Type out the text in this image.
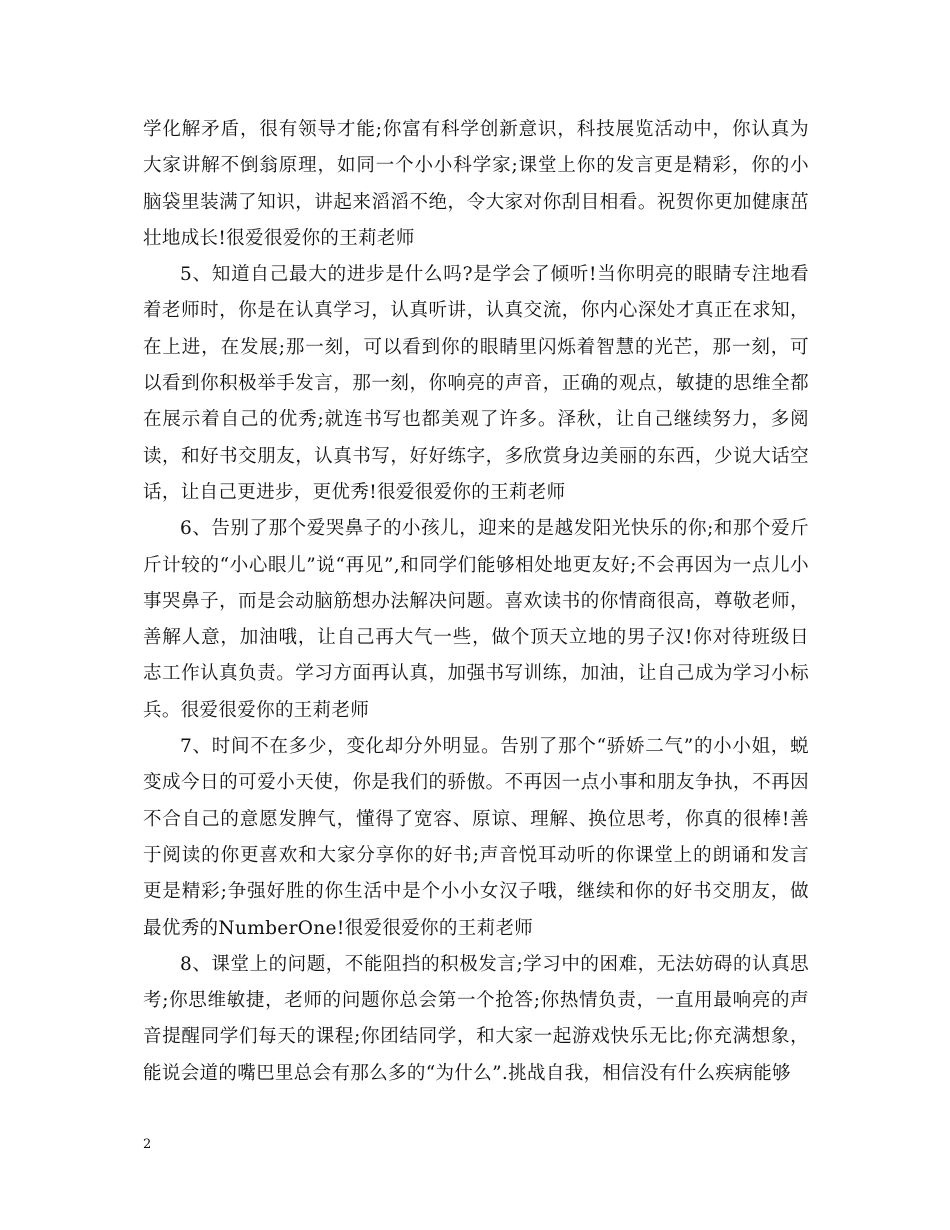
学化解矛盾，很有领导才能;你富有科学创新意识，科技展览活动中，你认真为大家讲解不倒翁原理，如同一个小小科学家;课堂上你的发言更是精彩，你的小脑袋里装满了知识，讲起来滔滔不绝，令大家对你刮目相看。祝贺你更加健康茁壮地成长!很爱很爱你的王莉老师

5、知道自己最大的进步是什么吗?是学会了倾听!当你明亮的眼睛专注地看着老师时，你是在认真学习，认真听讲，认真交流，你内心深处才真正在求知，在上进，在发展;那一刻，可以看到你的眼睛里闪烁着智慧的光芒，那一刻，可以看到你积极举手发言，那一刻，你响亮的声音，正确的观点，敏捷的思维全都在展示着自己的优秀;就连书写也都美观了许多。泽秋，让自己继续努力，多阅读，和好书交朋友，认真书写，好好练字，多欣赏身边美丽的东西，少说大话空话，让自己更进步，更优秀!很爱很爱你的王莉老师

6、告别了那个爱哭鼻子的小孩儿，迎来的是越发阳光快乐的你;和那个爱斤斤计较的“小心眼儿”说“再见”,和同学们能够相处地更友好;不会再因为一点儿小事哭鼻子，而是会动脑筋想办法解决问题。喜欢读书的你情商很高，尊敬老师，善解人意，加油哦，让自己再大气一些，做个顶天立地的男子汉!你对待班级日志工作认真负责。学习方面再认真，加强书写训练，加油，让自己成为学习小标兵。很爱很爱你的王莉老师

7、时间不在多少，变化却分外明显。告别了那个“骄娇二气”的小小姐，蜕变成今日的可爱小天使，你是我们的骄傲。不再因一点小事和朋友争执，不再因不合自己的意愿发脾气，懂得了宽容、原谅、理解、换位思考，你真的很棒!善于阅读的你更喜欢和大家分享你的好书;声音悦耳动听的你课堂上的朗诵和发言更是精彩;争强好胜的你生活中是个小小女汉子哦，继续和你的好书交朋友，做最优秀的NumberOne!很爱很爱你的王莉老师

8、课堂上的问题，不能阻挡的积极发言;学习中的困难，无法妨碍的认真思考;你思维敏捷，老师的问题你总会第一个抢答;你热情负责，一直用最响亮的声音提醒同学们每天的课程;你团结同学，和大家一起游戏快乐无比;你充满想象，能说会道的嘴巴里总会有那么多的“为什么”.挑战自我，相信没有什么疾病能够

2
